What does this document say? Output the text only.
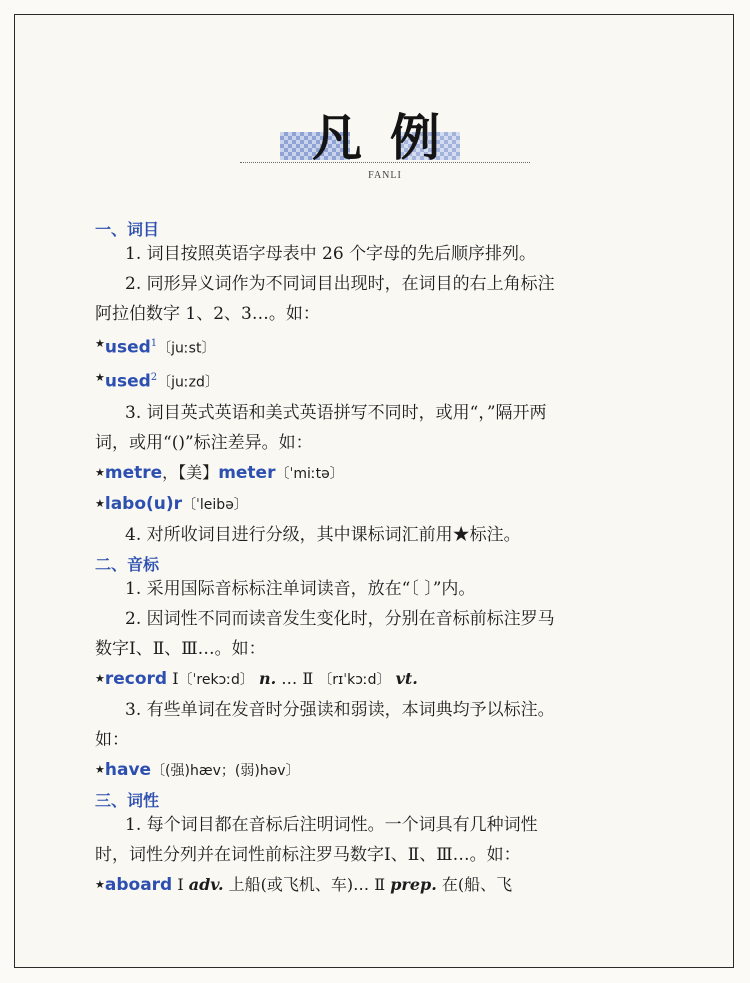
凡例
FANLI
一、词目
1. 词目按照英语字母表中 26 个字母的先后顺序排列。
2. 同形异义词作为不同词目出现时，在词目的右上角标注
阿拉伯数字 1、2、3…。如：
★used$^1$〔juːst〕
★used$^2$〔juːzd〕
3. 词目英式英语和美式英语拼写不同时，或用“，”隔开两
词，或用“()”标注差异。如：
★metre，【美】meter〔ˈmiːtə〕
★labo(u)r〔ˈleibə〕
4. 对所收词目进行分级，其中课标词汇前用★标注。
二、音标
1. 采用国际音标标注单词读音，放在“〔 〕”内。
2. 因词性不同而读音发生变化时，分别在音标前标注罗马
数字Ⅰ、Ⅱ、Ⅲ…。如：
★record Ⅰ〔ˈrekɔːd〕 n. … Ⅱ 〔rɪˈkɔːd〕 vt.
3. 有些单词在发音时分强读和弱读，本词典均予以标注。
如：
★have〔(强)hæv；(弱)həv〕
三、词性
1. 每个词目都在音标后注明词性。一个词具有几种词性
时，词性分列并在词性前标注罗马数字Ⅰ、Ⅱ、Ⅲ…。如：
★aboard Ⅰ adv. 上船(或飞机、车)… Ⅱ prep. 在(船、飞
